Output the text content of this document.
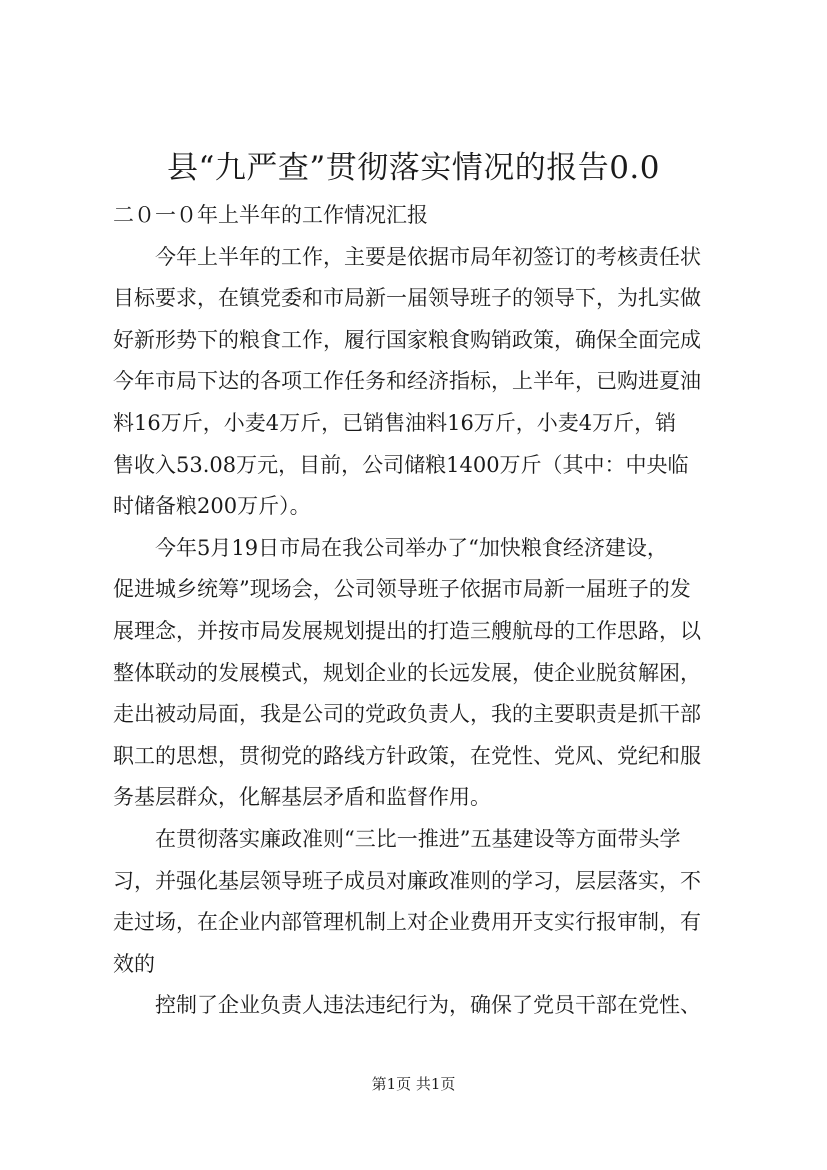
县“九严查”贯彻落实情况的报告0.0
二０一０年上半年的工作情况汇报
　　今年上半年的工作，主要是依据市局年初签订的考核责任状
目标要求，在镇党委和市局新一届领导班子的领导下，为扎实做
好新形势下的粮食工作，履行国家粮食购销政策，确保全面完成
今年市局下达的各项工作任务和经济指标，上半年，已购进夏油
料16万斤，小麦4万斤，已销售油料16万斤，小麦4万斤，销
售收入53.08万元，目前，公司储粮1400万斤（其中：中央临
时储备粮200万斤）。
　　今年5月19日市局在我公司举办了“加快粮食经济建设，
促进城乡统筹”现场会，公司领导班子依据市局新一届班子的发
展理念，并按市局发展规划提出的打造三艘航母的工作思路，以
整体联动的发展模式，规划企业的长远发展，使企业脱贫解困，
走出被动局面，我是公司的党政负责人，我的主要职责是抓干部
职工的思想，贯彻党的路线方针政策，在党性、党风、党纪和服
务基层群众，化解基层矛盾和监督作用。
　　在贯彻落实廉政准则“三比一推进”五基建设等方面带头学
习，并强化基层领导班子成员对廉政准则的学习，层层落实，不
走过场，在企业内部管理机制上对企业费用开支实行报审制，有
效的
　　控制了企业负责人违法违纪行为，确保了党员干部在党性、
第1页 共1页
